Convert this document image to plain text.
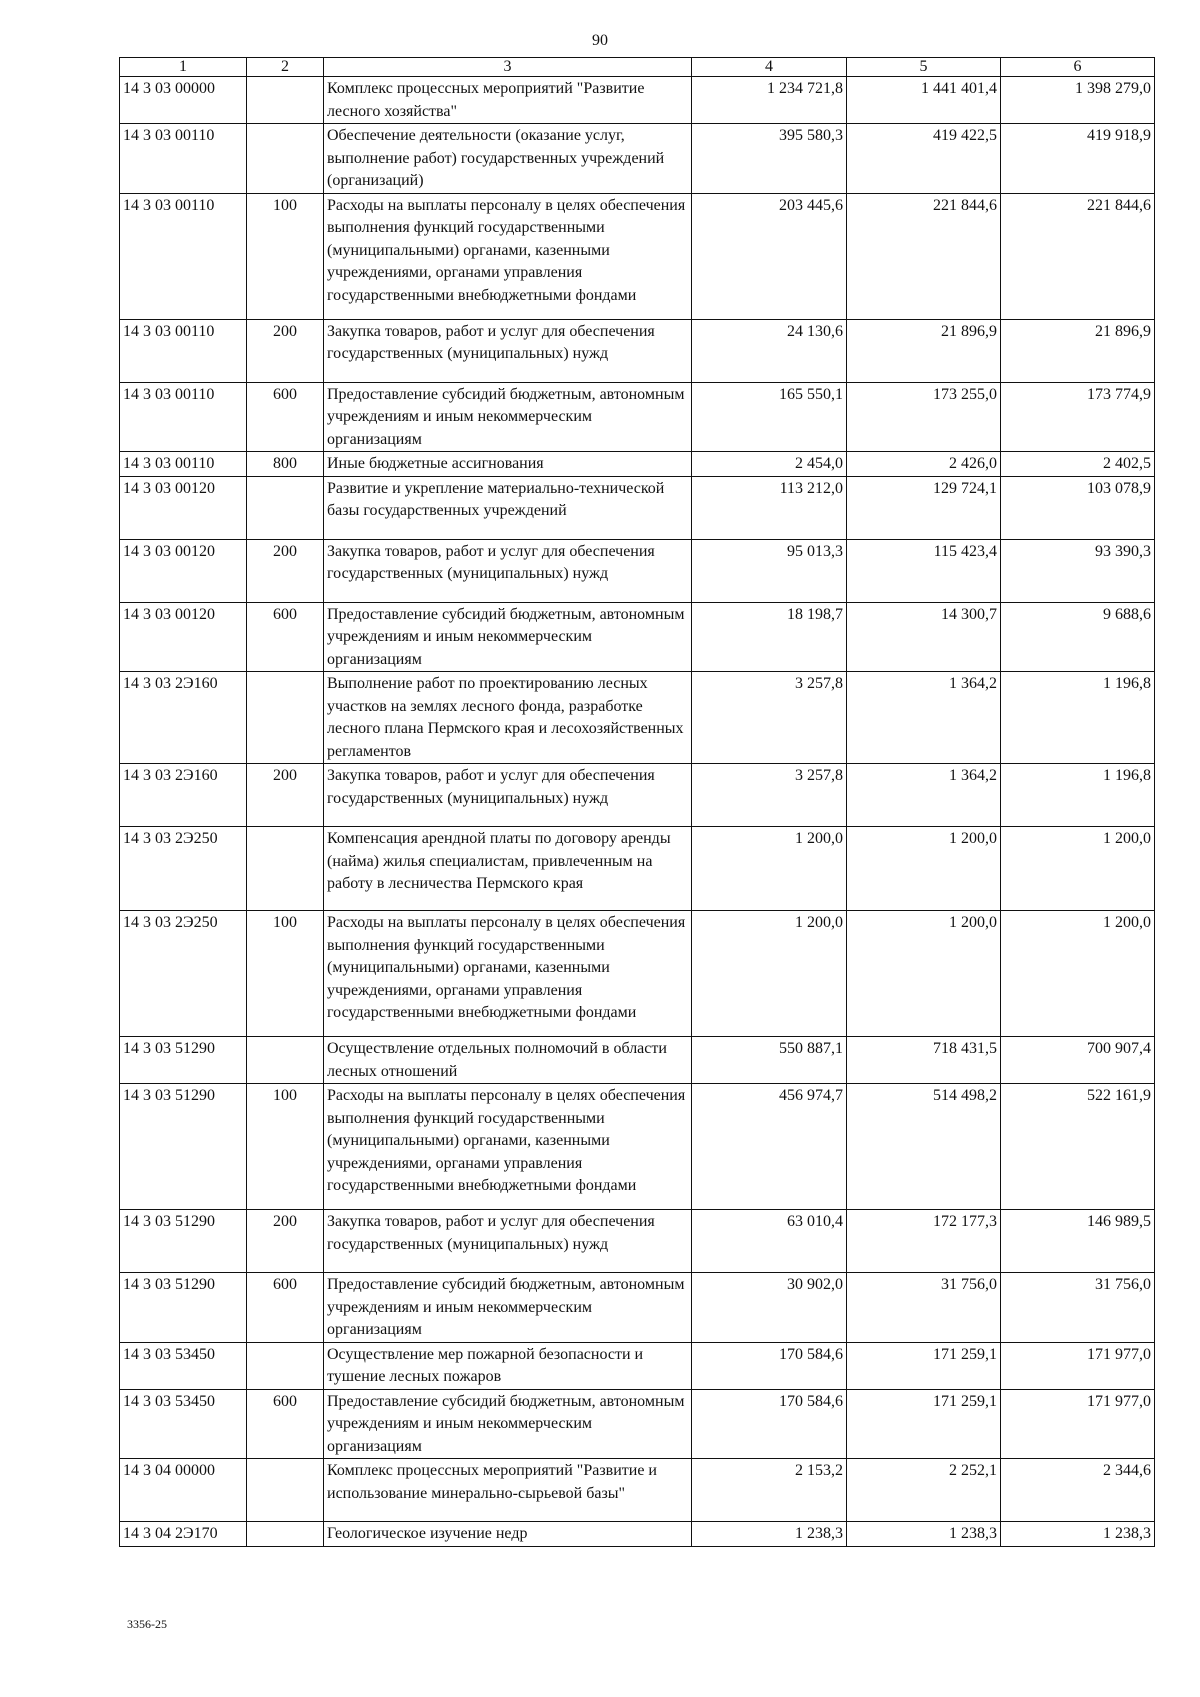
90
1	2	3	4	5	6
14 3 03 00000		Комплекс процессных мероприятий "Развитие лесного хозяйства"	1 234 721,8	1 441 401,4	1 398 279,0
14 3 03 00110		Обеспечение деятельности (оказание услуг, выполнение работ) государственных учреждений (организаций)	395 580,3	419 422,5	419 918,9
14 3 03 00110	100	Расходы на выплаты персоналу в целях обеспечения выполнения функций государственными (муниципальными) органами, казенными учреждениями, органами управления государственными внебюджетными фондами	203 445,6	221 844,6	221 844,6
14 3 03 00110	200	Закупка товаров, работ и услуг для обеспечения государственных (муниципальных) нужд	24 130,6	21 896,9	21 896,9
14 3 03 00110	600	Предоставление субсидий бюджетным, автономным учреждениям и иным некоммерческим организациям	165 550,1	173 255,0	173 774,9
14 3 03 00110	800	Иные бюджетные ассигнования	2 454,0	2 426,0	2 402,5
14 3 03 00120		Развитие и укрепление материально-технической базы государственных учреждений	113 212,0	129 724,1	103 078,9
14 3 03 00120	200	Закупка товаров, работ и услуг для обеспечения государственных (муниципальных) нужд	95 013,3	115 423,4	93 390,3
14 3 03 00120	600	Предоставление субсидий бюджетным, автономным учреждениям и иным некоммерческим организациям	18 198,7	14 300,7	9 688,6
14 3 03 2Э160		Выполнение работ по проектированию лесных участков на землях лесного фонда, разработке лесного плана Пермского края и лесохозяйственных регламентов	3 257,8	1 364,2	1 196,8
14 3 03 2Э160	200	Закупка товаров, работ и услуг для обеспечения государственных (муниципальных) нужд	3 257,8	1 364,2	1 196,8
14 3 03 2Э250		Компенсация арендной платы по договору аренды (найма) жилья специалистам, привлеченным на работу в лесничества Пермского края	1 200,0	1 200,0	1 200,0
14 3 03 2Э250	100	Расходы на выплаты персоналу в целях обеспечения выполнения функций государственными (муниципальными) органами, казенными учреждениями, органами управления государственными внебюджетными фондами	1 200,0	1 200,0	1 200,0
14 3 03 51290		Осуществление отдельных полномочий в области лесных отношений	550 887,1	718 431,5	700 907,4
14 3 03 51290	100	Расходы на выплаты персоналу в целях обеспечения выполнения функций государственными (муниципальными) органами, казенными учреждениями, органами управления государственными внебюджетными фондами	456 974,7	514 498,2	522 161,9
14 3 03 51290	200	Закупка товаров, работ и услуг для обеспечения государственных (муниципальных) нужд	63 010,4	172 177,3	146 989,5
14 3 03 51290	600	Предоставление субсидий бюджетным, автономным учреждениям и иным некоммерческим организациям	30 902,0	31 756,0	31 756,0
14 3 03 53450		Осуществление мер пожарной безопасности и тушение лесных пожаров	170 584,6	171 259,1	171 977,0
14 3 03 53450	600	Предоставление субсидий бюджетным, автономным учреждениям и иным некоммерческим организациям	170 584,6	171 259,1	171 977,0
14 3 04 00000		Комплекс процессных мероприятий "Развитие и использование минерально-сырьевой базы"	2 153,2	2 252,1	2 344,6
14 3 04 2Э170		Геологическое изучение недр	1 238,3	1 238,3	1 238,3
3356-25
